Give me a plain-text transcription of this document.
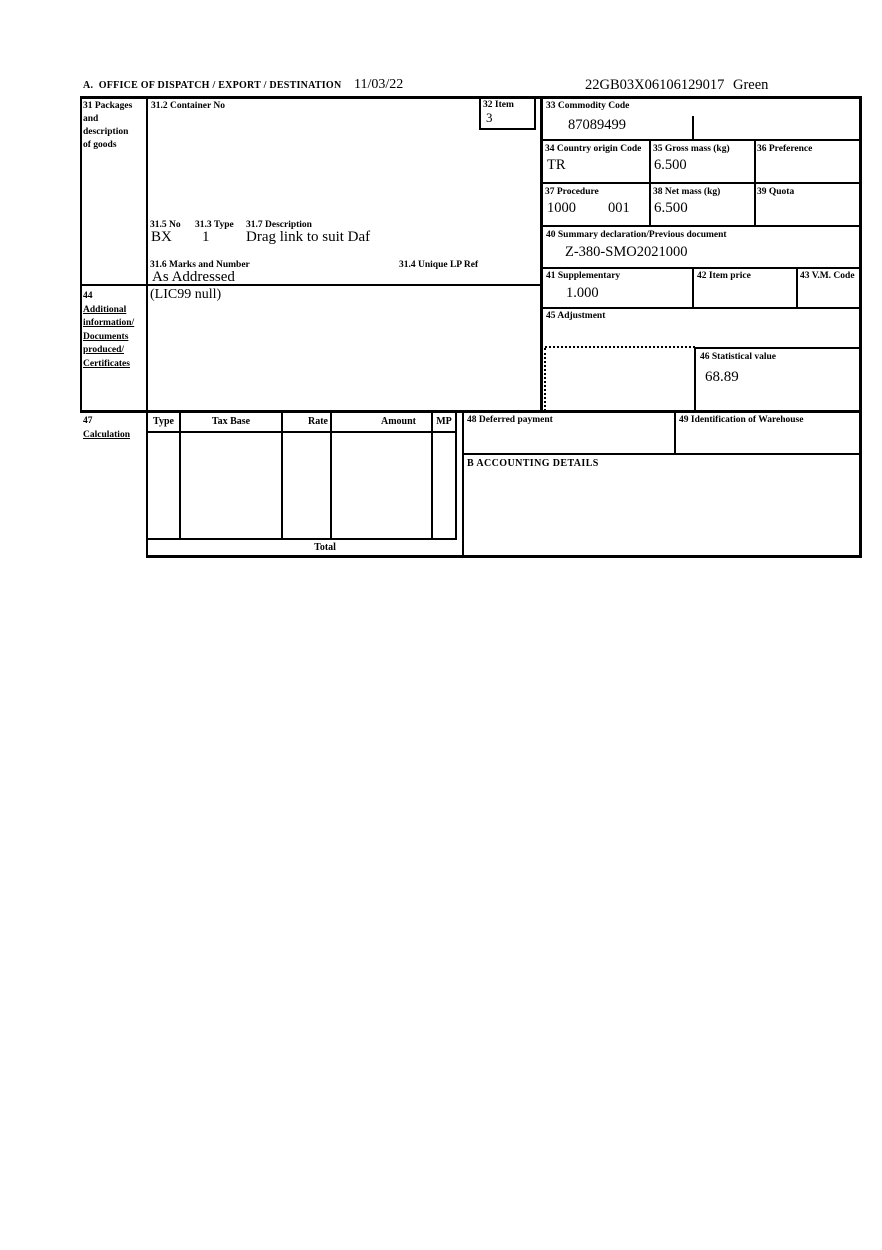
A.  OFFICE OF DISPATCH / EXPORT / DESTINATION 11/03/22	22GB03X06106129017 Green
31 Packages
and
description
of goods
31.2 Container No
31.5 No 31.3 Type 31.7 Description
BX 1 Drag link to suit Daf
31.6 Marks and Number	31.4 Unique LP Ref
As Addressed
32 Item
3
33 Commodity Code
87089499
34 Country origin Code
TR
35 Gross mass (kg)
6.500
36 Preference
37 Procedure
1000 001
38 Net mass (kg)
6.500
39 Quota
40 Summary declaration/Previous document
Z-380-SMO2021000
41 Supplementary
1.000
42 Item price	43 V.M. Code
44
Additional
information/
Documents
produced/
Certificates
(LIC99 null)
45 Adjustment
46 Statistical value
68.89
47
Calculation
Type	Tax Base	Rate	Amount	MP
Total
48 Deferred payment	49 Identification of Warehouse
B ACCOUNTING DETAILS
